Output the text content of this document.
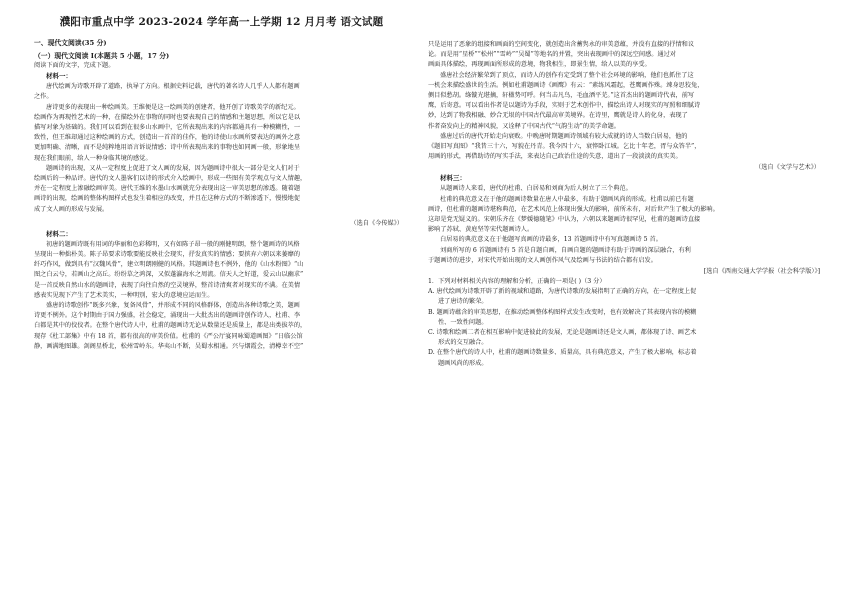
濮阳市重点中学 2023-2024 学年高一上学期 12 月月考 语文试题
一、现代文阅读(35 分)
（一）现代文阅读 I(本题共 5 小题，17 分)
阅读下面的文字，完成下题。
材料一：
唐代绘画为诗歌开辟了道路，执导了方向。根据史料记载，唐代的著名诗人几乎人人都有题画
之作。
唐诗更多的表现出一种绘画美。王维便是这一绘画美的创建者，他开创了诗歌美学的新纪元。
绘画作为再现性艺术的一种，在描绘外在事物的同时也要表现自己的情感和主题思想，所以它是以
描写对象为基础的。我们可以看到在很多山水画中，它所表现出来的内容都通具有一种模糊性，一
致性，但王维却通过这种绘画的方式，创造出一首首的佳作，他的诗使山水画所要表达的画外之意
更加明确、清晰，而不是纯粹地用语言诉说情感；诗中所表现出来的事物也如同画一般，形象地呈
现在我们眼前，给人一种身临其境的感觉。
题画诗的出现，又从一定程度上促进了文人画的发展，因为题画诗中很大一部分是文人们对于
绘画后的一种品评。唐代的文人墨客们以诗的形式介入绘画中，形成一些图有美学观点与文人情趣，
并在一定程度上渗融绘画审美。唐代王维的水墨山水画就充分表现出这一审美思想的渗透。随着题
画诗的出现，绘画的整体构图样式也发生着相应的改变，并且在这种方式的不断渗透下，慢慢地促
成了文人画的形成与发展。
（选自《今传媒》）
材料二：
初唐的题画诗既有用词的华丽和色彩稀明，又有如陈子昂一般的刚健明朗，整个题画诗的风格
呈现出一种拙朴美。陈子昂要求诗歌要能反映社会现实，抒发真实的情感；要摈弃六朝以来萎靡的
纤巧作风，做到具有“汉魏风骨”，建立明朗刚健的风格。其题画诗也不例外，他的《山水粉图》“山
图之白云兮，若画山之高丘。纷纷草之鸿深，又似蓬瀛海水之周流。信天人之好道，爱云山以幽求”
是一首反映自然山水的题画诗，表现了向往自然的空灵境界，整首诗清爽者对现实的不满。在美情
感表实见现下产生了艺术美实，一种明别，宏大的意境应运而生。
盛唐的诗歌创作“既多兴象，复备风骨”，并形成不同的风格群体，创造出各种诗歌之美，题画
诗更不例外。这个时期由于国力强盛，社会稳定，涌现出一大批杰出的题画诗创作诗人，杜甫、李
白都是其中的佼佼者。在整个唐代诗人中，杜甫的题画诗无论从数量还是质量上，都是出类拔萃的，
现存《杜工部集》中有 18 首，都有很高的审美价值。杜甫的《严公厅宴同咏蜀道画图》“日临公馆
静，画满地图雄。剑阁星桥北，松州雪岭东。华夷山不断，吴蜀水相通。兴与烟霞会，清樽幸不空”
只是运用了恶象的组接和画面的空间变化，就创造出含蓄隽永的审美意蕴，并没有直接的抒情和议
论。而是用“星桥”“松州”“雪岭”“吴蜀”等地名的并置，突出表现画中的深远空间感。通过对
画面具体描绘，再现画面所形成的意境，物我相生，即景生情，给人以美的享受。
盛唐社会经济繁荣到了顶点，而诗人的创作有定受到了整个社会环境的影响，他们也抓住了这
一机会来描绘盛世的生活。例如杜甫题画诗《画鹰》有云：“素练风霜起，苍鹰画作殊。竦身思狡兔，
侧目似愁胡。绦镟光堪摘，轩楹势可呼。何当击凡鸟，毛血洒平芜。”这首杰出的题画诗代表，前写
鹰，后寄意。可以看出作者是以题诗为手段，实则于艺术创作中，描绘出诗人对现实的写照和细腻诗
妙，达到了物我相融、妙合无垠的中国古代最高审美境界。在诗里，鹰就是诗人的化身，表现了
作者奋发向上的精神风貌，又诠释了中国古代“气韵生动”的美学命题。
盛唐过后的唐代开始走向衰败。中晚唐时期题画诗领域有较大成就的诗人当数白居易，他的
《题旧写真图》“我昔三十六，写貌在丹青。我今四十六，衰悴卧江城。乞比十年老，胥与众答半”，
用画的形式，再借助诗的写实手法，来表达自己政治仕途的失意，道出了一段淡淡的真实美。
（选自《文学与艺术》）
材料三：
从题画诗人来看，唐代的杜甫、白居易和刘商为后人树立了三个典范。
杜甫的典范意义在于他的题画诗数量在唐人中最多，有助于题画风尚的形成。杜甫以前已有题
画诗，但杜甫的题画诗堪称典范，在艺术风范上体现出强大的影响，前所未有，对后世产生了极大的影响。
这却是党无疑义的。宋朝乐齐在《梦媛德随笔》中认为，六朝以来题画诗很罕见，杜甫的题画诗直接
影响了苏轼、黄庭坚等宋代题画诗人。
白居易的典范意义在于他题写真画的诗最多，13 首题画诗中有写真题画诗 5 首。
刘商所写的 6 首题画诗有 5 首是自题自画，自画自题的题画诗有助于诗画的深层融合，有利
于题画诗的进步，对宋代开始出现的文人画创作风气及绘画与书法的结合都有启发。
[选自《西南交通大学学报（社会科学版）》]
1．下列对材料相关内容的理解和分析，正确的一项是( )（3 分）
A. 唐代绘画为诗歌开辟了新的视域和道路，为唐代诗歌的发展指明了正确的方向，在一定程度上促
进了唐诗的繁荣。
B. 题画诗蕴含的审美思想，在推动绘画整体构图样式发生改变时，也有效解决了其表现内容的模糊
性、一致性问题。
C. 诗歌和绘画二者在相互影响中促进彼此的发展，无论是题画诗还是文人画，都体现了诗、画艺术
形式的交互融合。
D. 在整个唐代的诗人中，杜甫的题画诗数量多、质量高，具有典范意义，产生了极大影响，标志着
题画风尚的形成。
